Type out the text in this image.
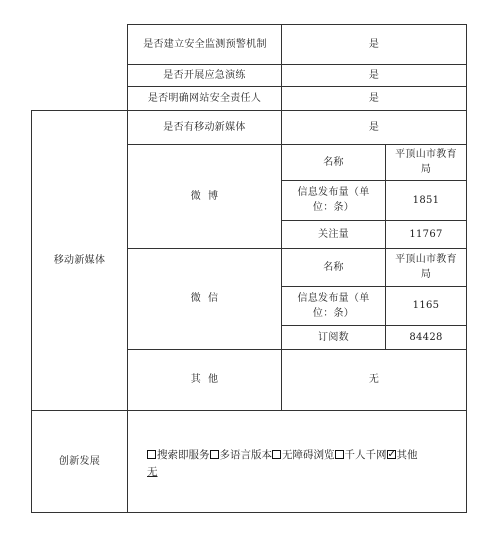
是否建立安全监测预警机制	是
是否开展应急演练	是
是否明确网站安全责任人	是
移动新媒体
是否有移动新媒体	是
微  博
名称
平顶山市教育局
信息发布量（单位：条）
1851
关注量	11767
微  信
名称
平顶山市教育局
信息发布量（单位：条）
1165
订阅数	84428
其  他	无
创新发展	搜索即服务 多语言版本 无障碍浏览 千人千网✓ 其他
无
